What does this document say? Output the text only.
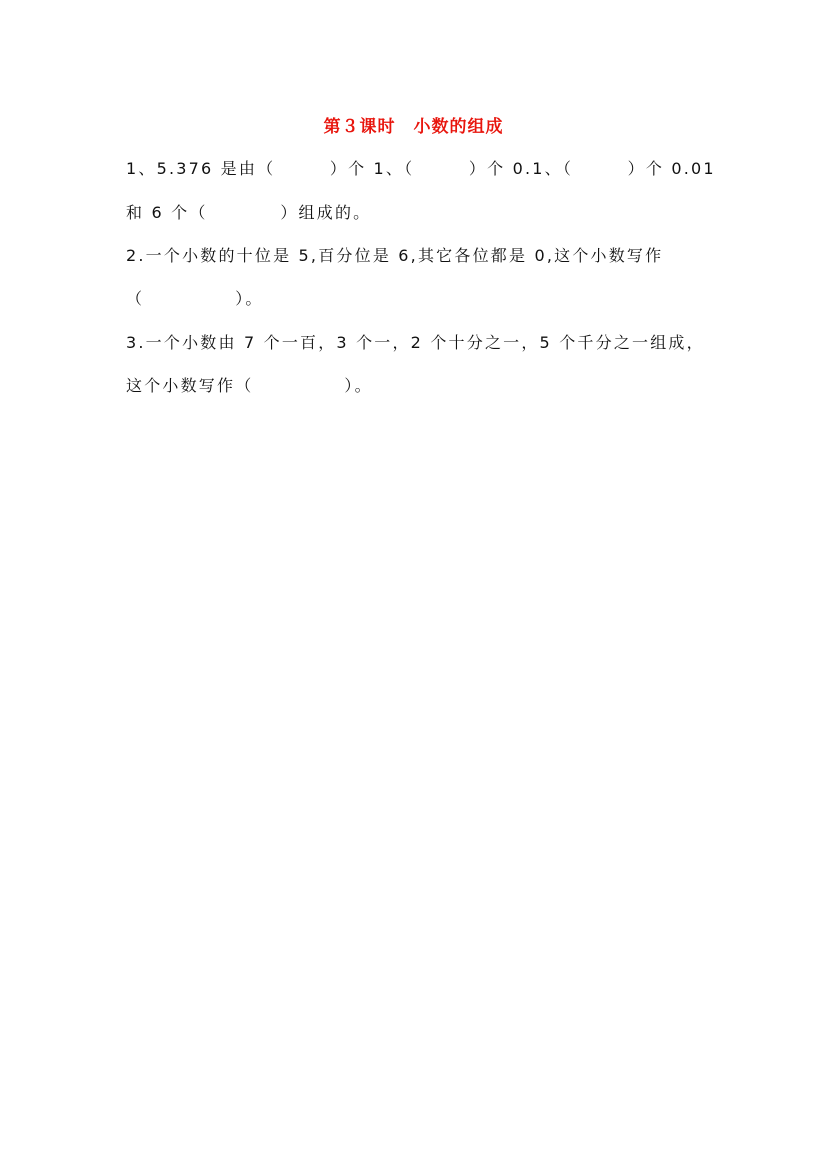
第３课时　小数的组成
1、5.376 是由（　　　）个 1、（　　　）个 0.1、（　　　）个 0.01
和 6 个（　　　　）组成的。
2.一个小数的十位是 5,百分位是 6,其它各位都是 0,这个小数写作
（　　　　　）。
3.一个小数由 7 个一百，3 个一，2 个十分之一，5 个千分之一组成，
这个小数写作（　　　　　）。
